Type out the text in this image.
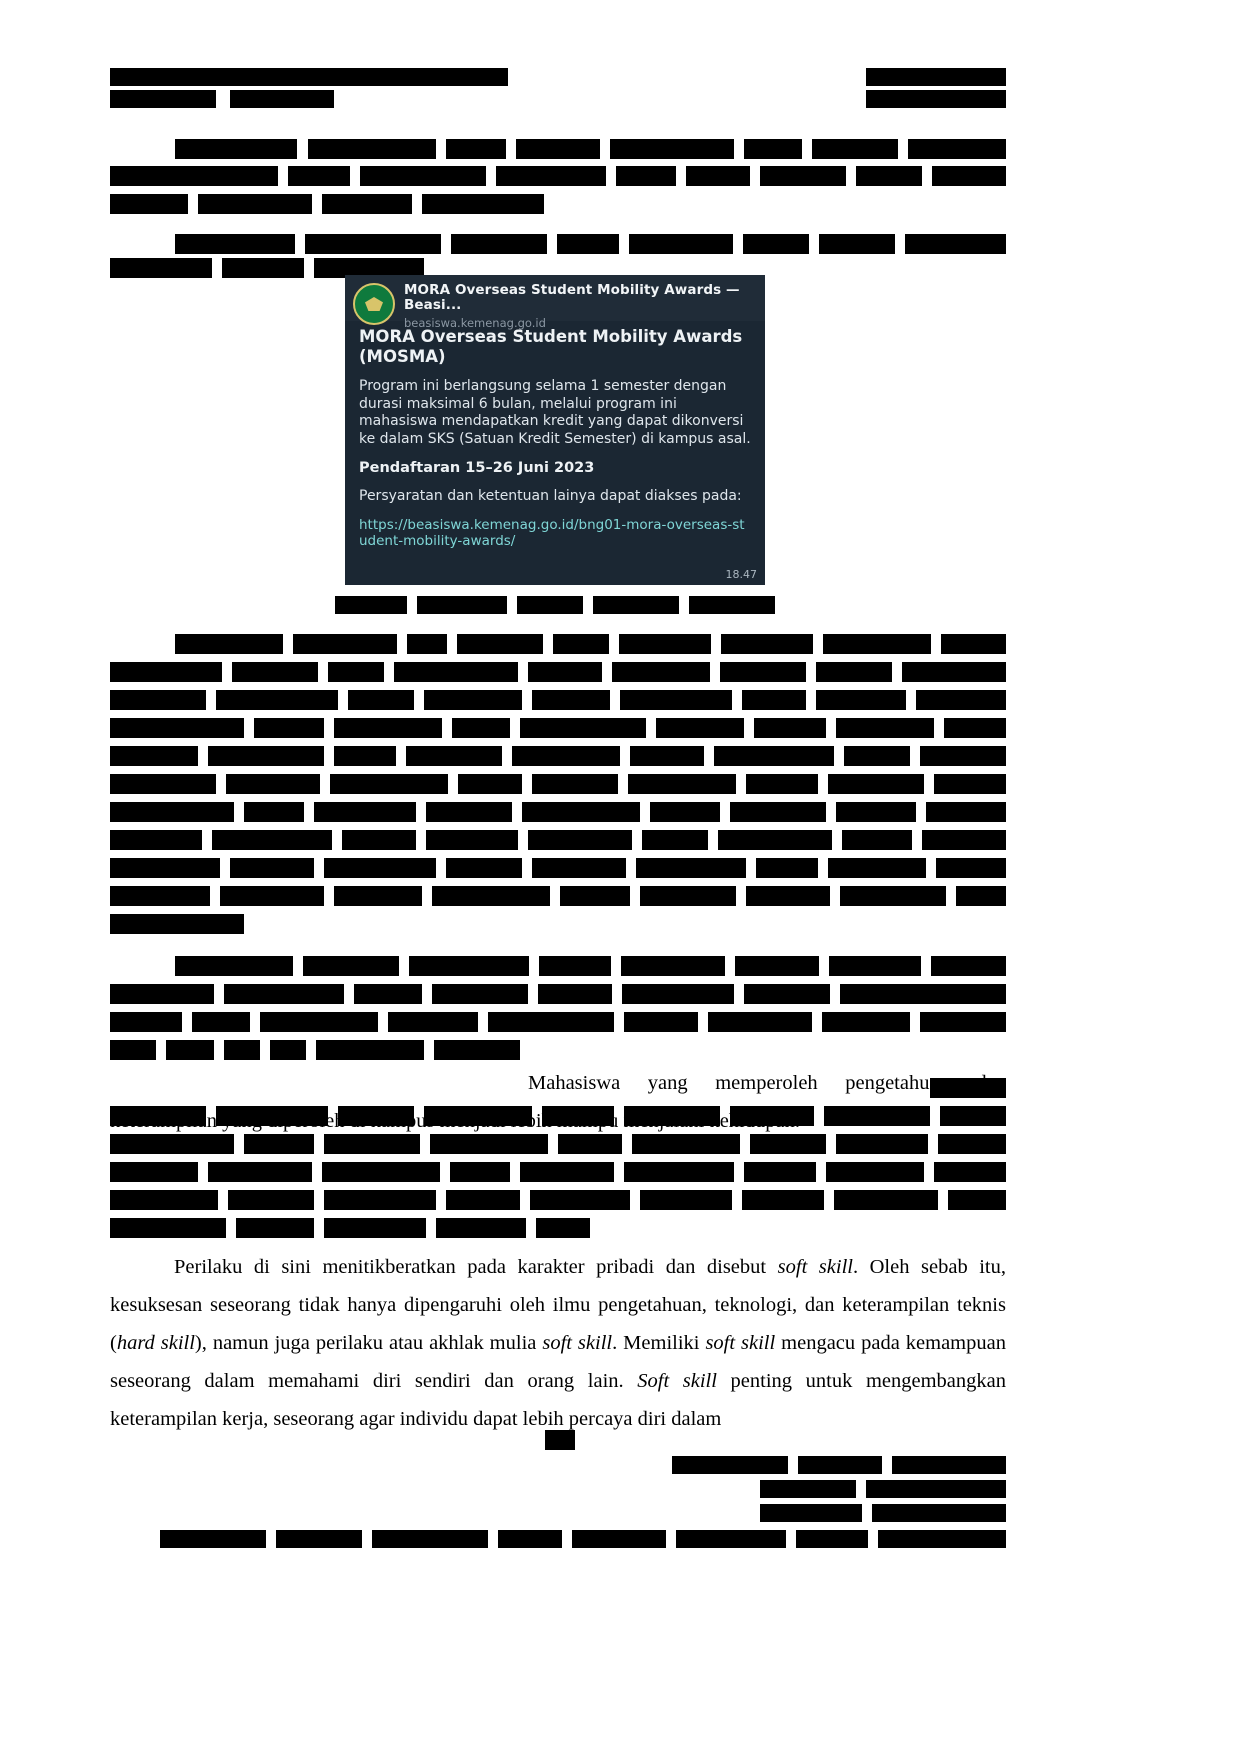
MORA Overseas Student Mobility Awards — Beasi...
beasiswa.kemenag.go.id
MORA Overseas Student Mobility Awards (MOSMA)
Program ini berlangsung selama 1 semester dengan durasi maksimal 6 bulan, melalui program ini mahasiswa mendapatkan kredit yang dapat dikonversi ke dalam SKS (Satuan Kredit Semester) di kampus asal.
Pendaftaran 15–26 Juni 2023
Persyaratan dan ketentuan lainya dapat diakses pada:
https://beasiswa.kemenag.go.id/bng01-mora-overseas-student-mobility-awards/
18.47
Mahasiswa yang memperoleh pengetahuan dan keterampilan yang diperoleh di kampus menjadi lebih mampu menjalani kehidupan.
Perilaku di sini menitikberatkan pada karakter pribadi dan disebut soft skill. Oleh sebab itu, kesuksesan seseorang tidak hanya dipengaruhi oleh ilmu pengetahuan, teknologi, dan keterampilan teknis (hard skill), namun juga perilaku atau akhlak mulia soft skill. Memiliki soft skill mengacu pada kemampuan seseorang dalam memahami diri sendiri dan orang lain. Soft skill penting untuk mengembangkan keterampilan kerja, seseorang agar individu dapat lebih percaya diri dalam
